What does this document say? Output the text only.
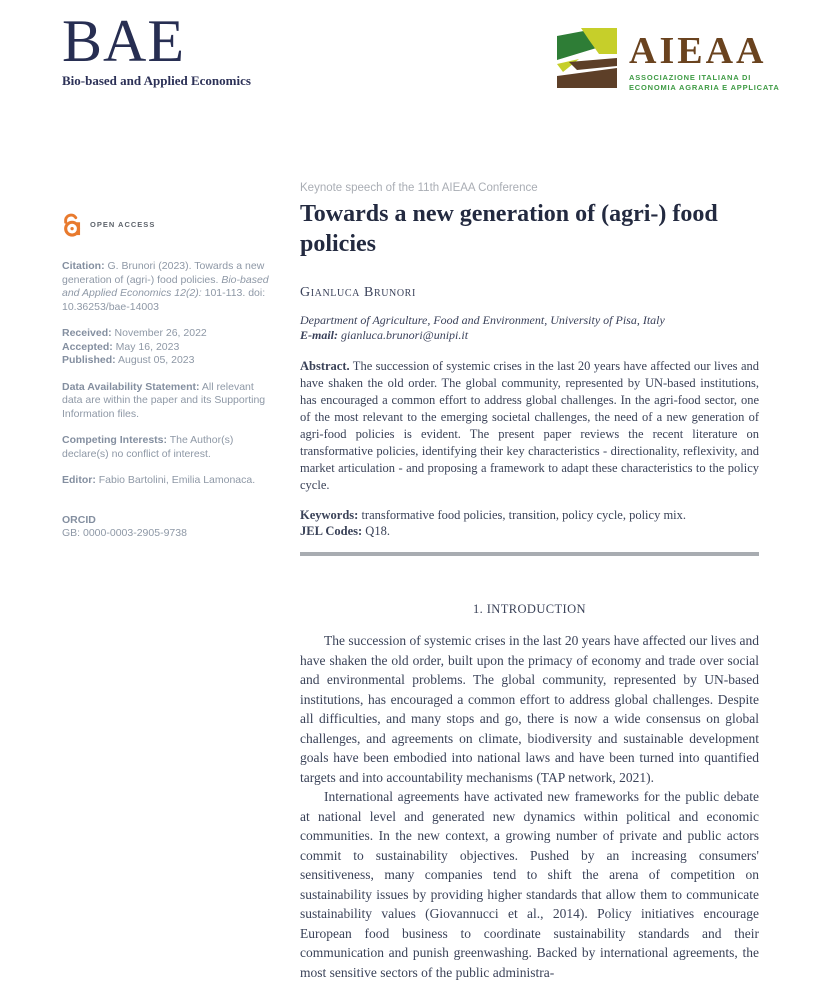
BAE
Bio-based and Applied Economics
AIEAA
ASSOCIAZIONE ITALIANA DI
ECONOMIA AGRARIA E APPLICATA
OPEN ACCESS

Citation: G. Brunori (2023). Towards a new generation of (agri-) food policies. Bio-based and Applied Economics 12(2): 101-113. doi: 10.36253/bae-14003

Received: November 26, 2022
Accepted: May 16, 2023
Published: August 05, 2023

Data Availability Statement: All relevant data are within the paper and its Supporting Information files.

Competing Interests: The Author(s) declare(s) no conflict of interest.

Editor: Fabio Bartolini, Emilia Lamonaca.

ORCID
GB: 0000-0003-2905-9738

Keynote speech of the 11th AIEAA Conference
Towards a new generation of (agri-) food policies
Gianluca Brunori
Department of Agriculture, Food and Environment, University of Pisa, Italy
E-mail: gianluca.brunori@unipi.it

Abstract. The succession of systemic crises in the last 20 years have affected our lives and have shaken the old order. The global community, represented by UN-based institutions, has encouraged a common effort to address global challenges. In the agri-food sector, one of the most relevant to the emerging societal challenges, the need of a new generation of agri-food policies is evident. The present paper reviews the recent literature on transformative policies, identifying their key characteristics - directionality, reflexivity, and market articulation - and proposing a framework to adapt these characteristics to the policy cycle.

Keywords: transformative food policies, transition, policy cycle, policy mix.

JEL Codes: Q18.

1. INTRODUCTION

The succession of systemic crises in the last 20 years have affected our lives and have shaken the old order, built upon the primacy of economy and trade over social and environmental problems. The global community, represented by UN-based institutions, has encouraged a common effort to address global challenges. Despite all difficulties, and many stops and go, there is now a wide consensus on global challenges, and agreements on climate, biodiversity and sustainable development goals have been embodied into national laws and have been turned into quantified targets and into accountability mechanisms (TAP network, 2021).

International agreements have activated new frameworks for the public debate at national level and generated new dynamics within political and economic communities. In the new context, a growing number of private and public actors commit to sustainability objectives. Pushed by an increasing consumers' sensitiveness, many companies tend to shift the arena of competition on sustainability issues by providing higher standards that allow them to communicate sustainability values (Giovannucci et al., 2014). Policy initiatives encourage European food business to coordinate sustainability standards and their communication and punish greenwashing. Backed by international agreements, the most sensitive sectors of the public administra-
